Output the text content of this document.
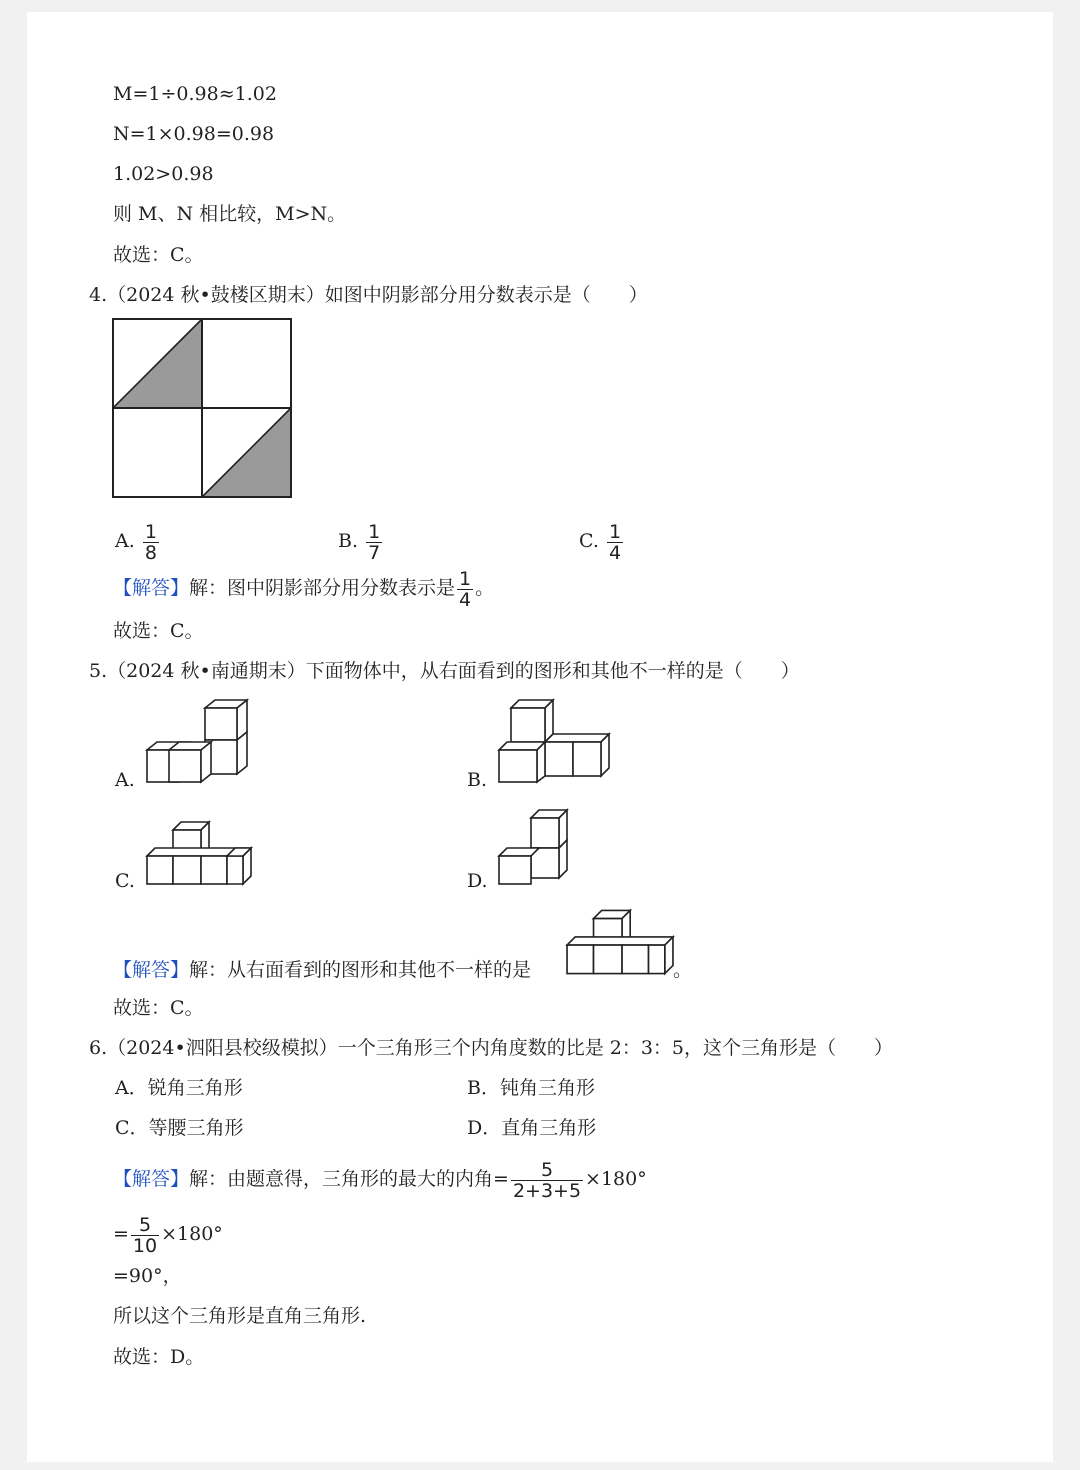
M=1÷0.98≈1.02
N=1×0.98=0.98
1.02>0.98
则 M、N 相比较，M>N。
故选：C。
4.（2024 秋•鼓楼区期末）如图中阴影部分用分数表示是（　　）
A. $\frac{1}{8}$	B. $\frac{1}{7}$	C. $\frac{1}{4}$
【解答】解：图中阴影部分用分数表示是 $\frac{1}{4}$ 。
故选：C。
5.（2024 秋•南通期末）下面物体中，从右面看到的图形和其他不一样的是（　　）
A.	B.
C.	D.
【解答】解：从右面看到的图形和其他不一样的是	。
故选：C。
6.（2024•泗阳县校级模拟）一个三角形三个内角度数的比是 2：3：5，这个三角形是（　　）
A．锐角三角形	B．钝角三角形
C．等腰三角形	D．直角三角形
【解答】解：由题意得，三角形的最大的内角= $\frac{5}{2+3+5} \times 180^\circ$
= $\frac{5}{10} \times 180^\circ$
=90°，
所以这个三角形是直角三角形.
故选：D。
